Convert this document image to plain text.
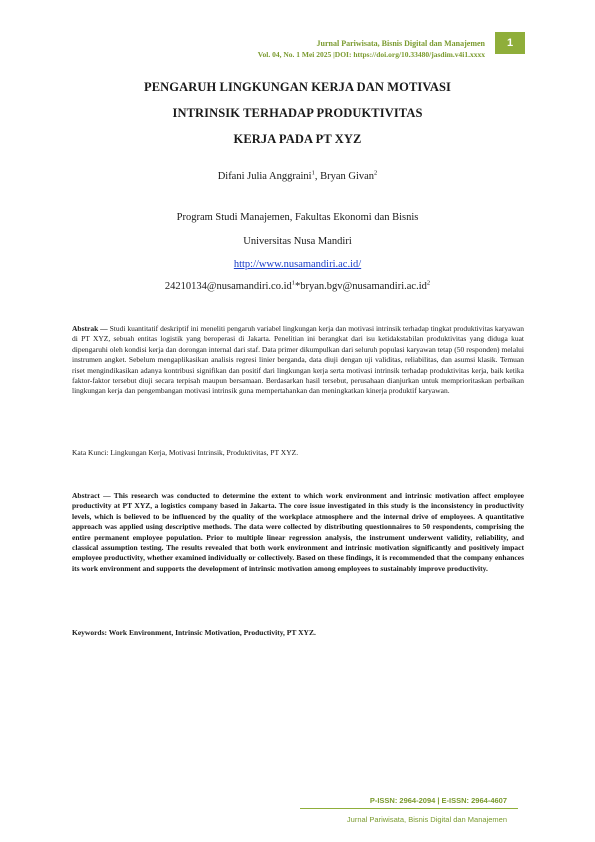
Jurnal Pariwisata, Bisnis Digital dan Manajemen
Vol. 04, No. 1 Mei 2025 |DOI: https://doi.org/10.33480/jasdim.v4i1.xxxx
1
PENGARUH LINGKUNGAN KERJA DAN MOTIVASI
INTRINSIK TERHADAP PRODUKTIVITAS
KERJA PADA PT XYZ
Difani Julia Anggraini$^1$, Bryan Givan$^2$
Program Studi Manajemen, Fakultas Ekonomi dan Bisnis
Universitas Nusa Mandiri
http://www.nusamandiri.ac.id/
$24210134@nusamandiri.co.id^1*bryan.bgv@nusamandiri.ac.id^2$
Abstrak — Studi kuantitatif deskriptif ini meneliti pengaruh variabel lingkungan kerja dan motivasi intrinsik terhadap tingkat produktivitas karyawan di PT XYZ, sebuah entitas logistik yang beroperasi di Jakarta. Penelitian ini berangkat dari isu ketidakstabilan produktivitas yang diduga kuat dipengaruhi oleh kondisi kerja dan dorongan internal dari staf. Data primer dikumpulkan dari seluruh populasi karyawan tetap (50 responden) melalui instrumen angket. Sebelum mengaplikasikan analisis regresi linier berganda, data diuji dengan uji validitas, reliabilitas, dan asumsi klasik. Temuan riset mengindikasikan adanya kontribusi signifikan dan positif dari lingkungan kerja serta motivasi intrinsik terhadap produktivitas kerja, baik ketika faktor-faktor tersebut diuji secara terpisah maupun bersamaan. Berdasarkan hasil tersebut, perusahaan dianjurkan untuk memprioritaskan perbaikan lingkungan kerja dan pengembangan motivasi intrinsik guna mempertahankan dan meningkatkan kinerja produktif karyawan.
Kata Kunci: Lingkungan Kerja, Motivasi Intrinsik, Produktivitas, PT XYZ.
Abstract — This research was conducted to determine the extent to which work environment and intrinsic motivation affect employee productivity at PT XYZ, a logistics company based in Jakarta. The core issue investigated in this study is the inconsistency in productivity levels, which is believed to be influenced by the quality of the workplace atmosphere and the internal drive of employees. A quantitative approach was applied using descriptive methods. The data were collected by distributing questionnaires to 50 respondents, comprising the entire permanent employee population. Prior to multiple linear regression analysis, the instrument underwent validity, reliability, and classical assumption testing. The results revealed that both work environment and intrinsic motivation significantly and positively impact employee productivity, whether examined individually or collectively. Based on these findings, it is recommended that the company enhances its work environment and supports the development of intrinsic motivation among employees to sustainably improve productivity.
Keywords: Work Environment, Intrinsic Motivation, Productivity, PT XYZ.
P-ISSN: 2964-2094 | E-ISSN: 2964-4607
Jurnal Pariwisata, Bisnis Digital dan Manajemen
